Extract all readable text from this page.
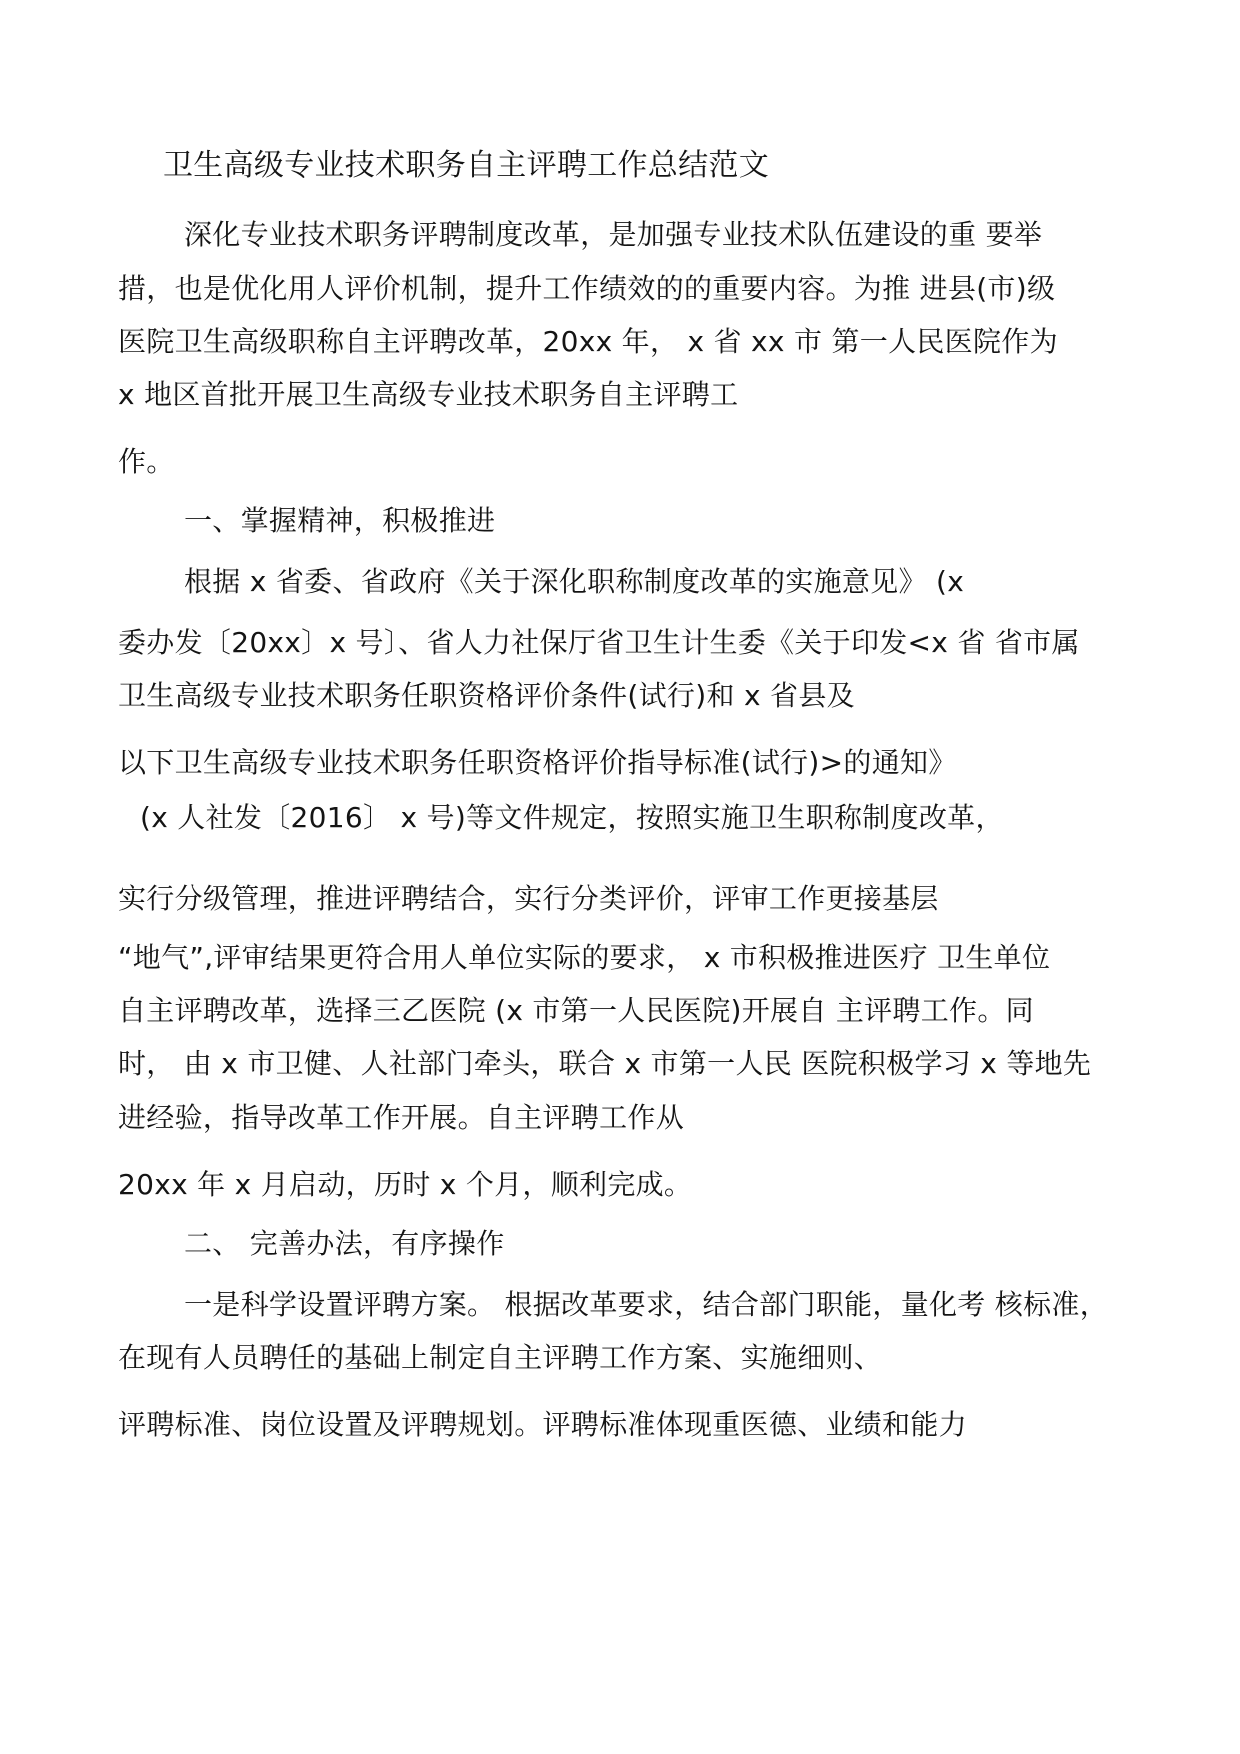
卫生高级专业技术职务自主评聘工作总结范文
深化专业技术职务评聘制度改革，是加强专业技术队伍建设的重 要举
措，也是优化用人评价机制，提升工作绩效的的重要内容。为推 进县(市)级
医院卫生高级职称自主评聘改革，20xx 年， x 省 xx 市 第一人民医院作为
x 地区首批开展卫生高级专业技术职务自主评聘工
作。
一、掌握精神，积极推进
根据 x 省委、省政府《关于深化职称制度改革的实施意见》 (x
委办发〔20xx〕x 号〕、省人力社保厅省卫生计生委《关于印发<x 省 省市属
卫生高级专业技术职务任职资格评价条件(试行)和 x 省县及
以下卫生高级专业技术职务任职资格评价指导标准(试行)>的通知》
(x 人社发〔2016〕 x 号)等文件规定，按照实施卫生职称制度改革，
实行分级管理，推进评聘结合，实行分类评价，评审工作更接基层
“地气”,评审结果更符合用人单位实际的要求， x 市积极推进医疗 卫生单位
自主评聘改革，选择三乙医院 (x 市第一人民医院)开展自 主评聘工作。同
时， 由 x 市卫健、人社部门牵头，联合 x 市第一人民 医院积极学习 x 等地先
进经验，指导改革工作开展。自主评聘工作从
20xx 年 x 月启动，历时 x 个月，顺利完成。
二、 完善办法，有序操作
一是科学设置评聘方案。 根据改革要求，结合部门职能，量化考 核标准，
在现有人员聘任的基础上制定自主评聘工作方案、实施细则、
评聘标准、岗位设置及评聘规划。评聘标准体现重医德、业绩和能力
